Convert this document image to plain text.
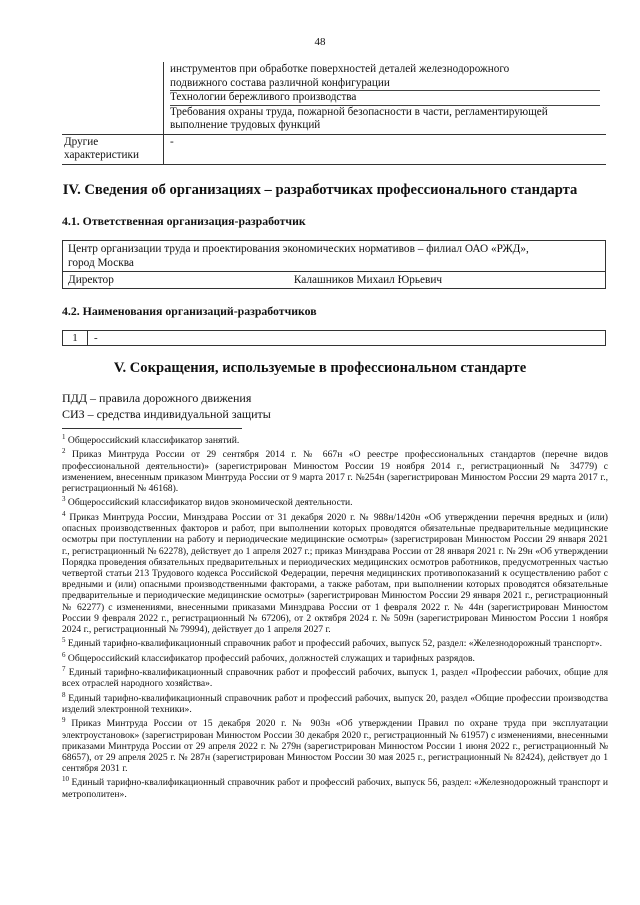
48
инструментов при обработке поверхностей деталей железнодорожного
подвижного состава различной конфигурации
Технологии бережливого производства
Требования охраны труда, пожарной безопасности в части, регламентирующей
выполнение трудовых функций
Другие
характеристики
-
IV. Сведения об организациях – разработчиках профессионального стандарта
4.1. Ответственная организация-разработчик
Центр организации труда и проектирования экономических нормативов – филиал ОАО «РЖД»,
город Москва
Директор	Калашников Михаил Юрьевич
4.2. Наименования организаций-разработчиков
1	-
V. Сокращения, используемые в профессиональном стандарте
ПДД – правила дорожного движения
СИЗ – средства индивидуальной защиты

$^1$ Общероссийский классификатор занятий.

$^2$ Приказ Минтруда России от 29 сентября 2014 г. № 667н «О реестре профессиональных стандартов (перечне видов профессиональной деятельности)» (зарегистрирован Минюстом России 19 ноября 2014 г., регистрационный № 34779) с изменением, внесенным приказом Минтруда России от 9 марта 2017 г. №254н (зарегистрирован Минюстом России 29 марта 2017 г., регистрационный № 46168).

$^3$ Общероссийский классификатор видов экономической деятельности.

$^4$ Приказ Минтруда России, Минздрава России от 31 декабря 2020 г. № 988н/1420н «Об утверждении перечня вредных и (или) опасных производственных факторов и работ, при выполнении которых проводятся обязательные предварительные медицинские осмотры при поступлении на работу и периодические медицинские осмотры» (зарегистрирован Минюстом России 29 января 2021 г., регистрационный № 62278), действует до 1 апреля 2027 г.; приказ Минздрава России от 28 января 2021 г. № 29н «Об утверждении Порядка проведения обязательных предварительных и периодических медицинских осмотров работников, предусмотренных частью четвертой статьи 213 Трудового кодекса Российской Федерации, перечня медицинских противопоказаний к осуществлению работ с вредными и (или) опасными производственными факторами, а также работам, при выполнении которых проводятся обязательные предварительные и периодические медицинские осмотры» (зарегистрирован Минюстом России 29 января 2021 г., регистрационный № 62277) с изменениями, внесенными приказами Минздрава России от 1 февраля 2022 г. № 44н (зарегистрирован Минюстом России 9 февраля 2022 г., регистрационный № 67206), от 2 октября 2024 г. № 509н (зарегистрирован Минюстом России 1 ноября 2024 г., регистрационный № 79994), действует до 1 апреля 2027 г.

$^5$ Единый тарифно-квалификационный справочник работ и профессий рабочих, выпуск 52, раздел: «Железнодорожный транспорт».

$^6$ Общероссийский классификатор профессий рабочих, должностей служащих и тарифных разрядов.

$^7$ Единый тарифно-квалификационный справочник работ и профессий рабочих, выпуск 1, раздел «Профессии рабочих, общие для всех отраслей народного хозяйства».

$^8$ Единый тарифно-квалификационный справочник работ и профессий рабочих, выпуск 20, раздел «Общие профессии производства изделий электронной техники».

$^9$ Приказ Минтруда России от 15 декабря 2020 г. № 903н «Об утверждении Правил по охране труда при эксплуатации электроустановок» (зарегистрирован Минюстом России 30 декабря 2020 г., регистрационный № 61957) с изменениями, внесенными приказами Минтруда России от 29 апреля 2022 г. № 279н (зарегистрирован Минюстом России 1 июня 2022 г., регистрационный № 68657), от 29 апреля 2025 г. № 287н (зарегистрирован Минюстом России 30 мая 2025 г., регистрационный № 82424), действует до 1 сентября 2031 г.

$^{10}$ Единый тарифно-квалификационный справочник работ и профессий рабочих, выпуск 56, раздел: «Железнодорожный транспорт и метрополитен».
